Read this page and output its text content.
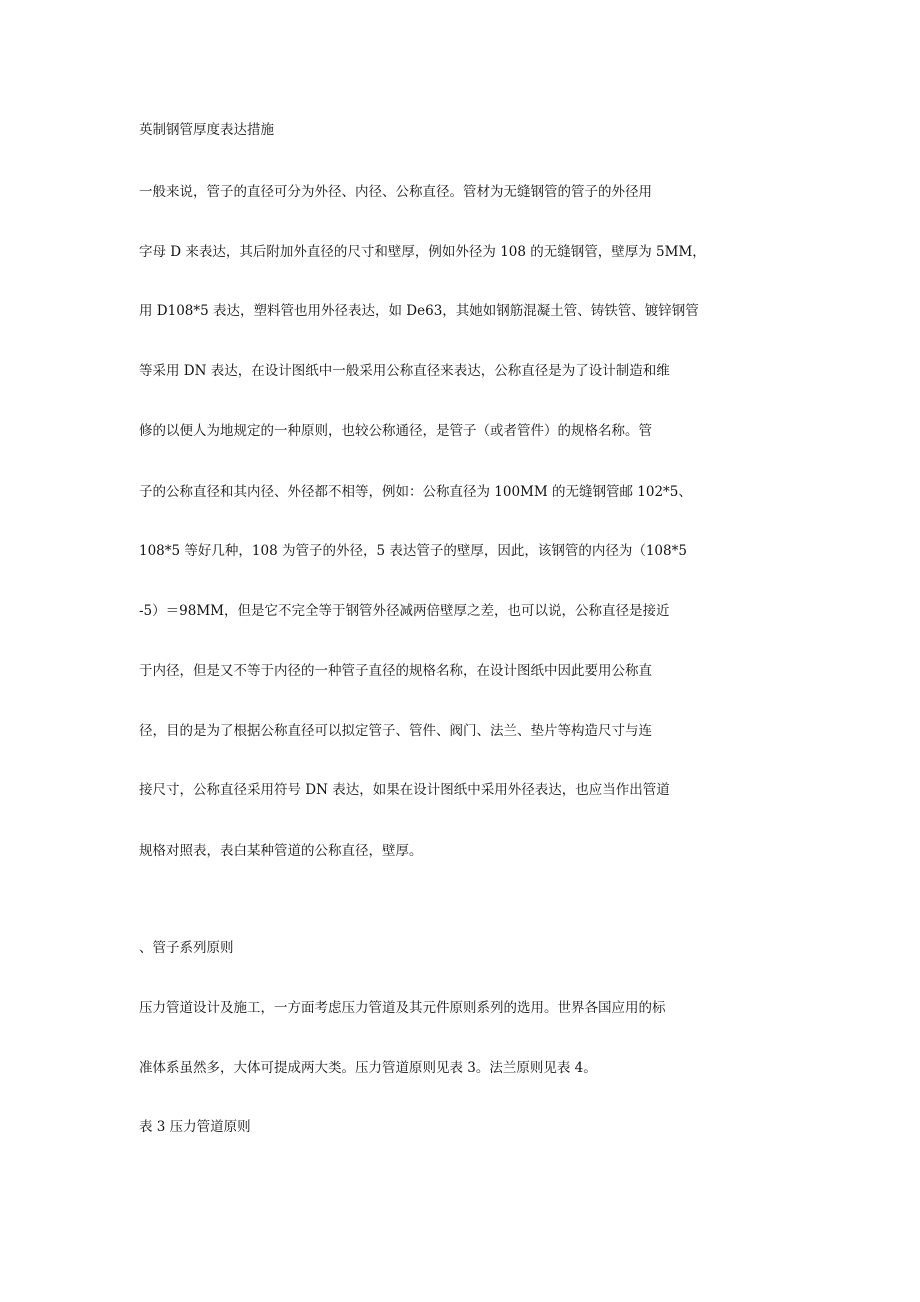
英制钢管厚度表达措施
一般来说，管子的直径可分为外径、内径、公称直径。管材为无缝钢管的管子的外径用
字母 D 来表达，其后附加外直径的尺寸和壁厚，例如外径为 108 的无缝钢管，壁厚为 5MM，
用 D108*5 表达，塑料管也用外径表达，如 De63，其她如钢筋混凝土管、铸铁管、镀锌钢管
等采用 DN 表达，在设计图纸中一般采用公称直径来表达，公称直径是为了设计制造和维
修的以便人为地规定的一种原则，也较公称通径，是管子（或者管件）的规格名称。管
子的公称直径和其内径、外径都不相等，例如：公称直径为 100MM 的无缝钢管邮 102*5、
108*5 等好几种，108 为管子的外径，5 表达管子的壁厚，因此，该钢管的内径为（108*5
-5）＝98MM，但是它不完全等于钢管外径减两倍壁厚之差，也可以说，公称直径是接近
于内径，但是又不等于内径的一种管子直径的规格名称，在设计图纸中因此要用公称直
径，目的是为了根据公称直径可以拟定管子、管件、阀门、法兰、垫片等构造尺寸与连
接尺寸，公称直径采用符号 DN 表达，如果在设计图纸中采用外径表达，也应当作出管道
规格对照表，表白某种管道的公称直径，壁厚。
、管子系列原则
压力管道设计及施工，一方面考虑压力管道及其元件原则系列的选用。世界各国应用的标
准体系虽然多，大体可提成两大类。压力管道原则见表 3。法兰原则见表 4。
表 3 压力管道原则
